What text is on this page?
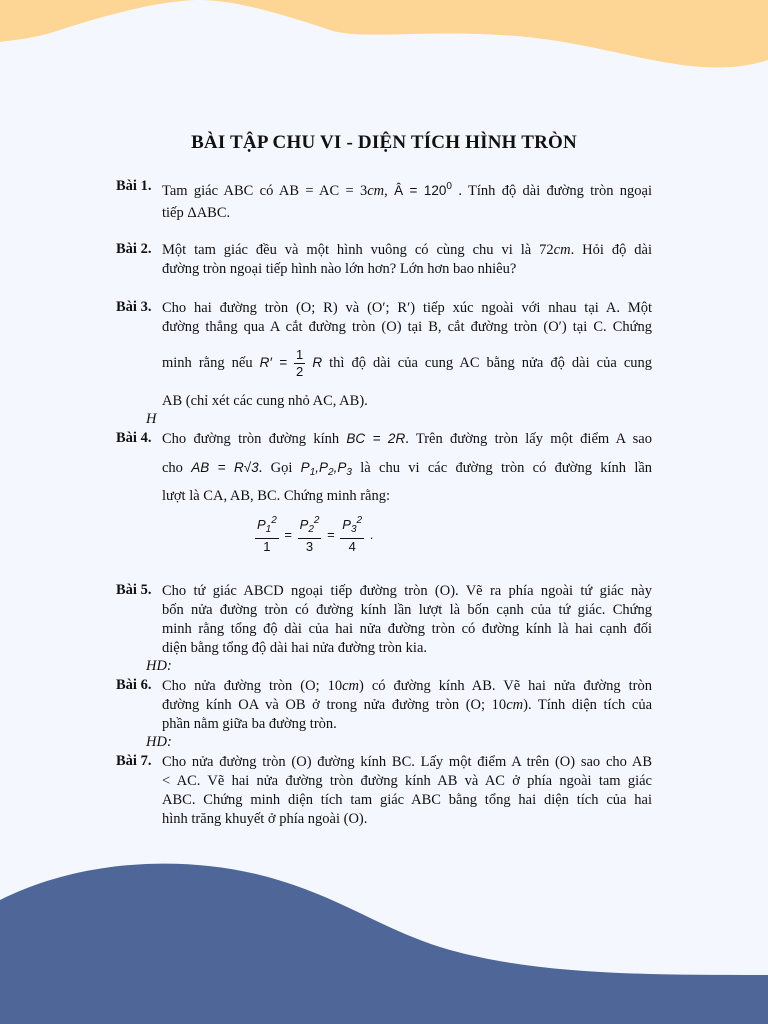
BÀI TẬP CHU VI - DIỆN TÍCH HÌNH TRÒN
Bài 1. Tam giác ABC có AB = AC = 3cm, Â = $120^0$ . Tính độ dài đường tròn ngoại
tiếp ΔABC.
Bài 2. Một tam giác đều và một hình vuông có cùng chu vi là 72cm. Hỏi độ dài
đường tròn ngoại tiếp hình nào lớn hơn? Lớn hơn bao nhiêu?
Bài 3. Cho hai đường tròn (O; R) và (O′; R′) tiếp xúc ngoài với nhau tại A. Một
đường thẳng qua A cắt đường tròn (O) tại B, cắt đường tròn (O′) tại C. Chứng
minh rằng nếu $R' = \frac{1}{2}$ R thì độ dài của cung AC bằng nửa độ dài của cung
AB (chỉ xét các cung nhỏ AC, AB).
H
Bài 4. Cho đường tròn đường kính BC = 2R. Trên đường tròn lấy một điểm A sao
cho AB = R√3. Gọi $P_1,P_2,P_3$ là chu vi các đường tròn có đường kính lần
lượt là CA, AB, BC. Chứng minh rằng:
$\frac{P_1^2}{1} = \frac{P_2^2}{3} = \frac{P_3^2}{4}$ .
Bài 5. Cho tứ giác ABCD ngoại tiếp đường tròn (O). Vẽ ra phía ngoài tứ giác này
bốn nửa đường tròn có đường kính lần lượt là bốn cạnh của tứ giác. Chứng
minh rằng tổng độ dài của hai nửa đường tròn có đường kính là hai cạnh đối
diện bằng tổng độ dài hai nửa đường tròn kia.
HD:
Bài 6. Cho nửa đường tròn (O; 10cm) có đường kính AB. Vẽ hai nửa đường tròn
đường kính OA và OB ở trong nửa đường tròn (O; 10cm). Tính diện tích của
phần nằm giữa ba đường tròn.
HD:
Bài 7. Cho nửa đường tròn (O) đường kính BC. Lấy một điểm A trên (O) sao cho AB
< AC. Vẽ hai nửa đường tròn đường kính AB và AC ở phía ngoài tam giác
ABC. Chứng minh diện tích tam giác ABC bằng tổng hai diện tích của hai
hình trăng khuyết ở phía ngoài (O).
